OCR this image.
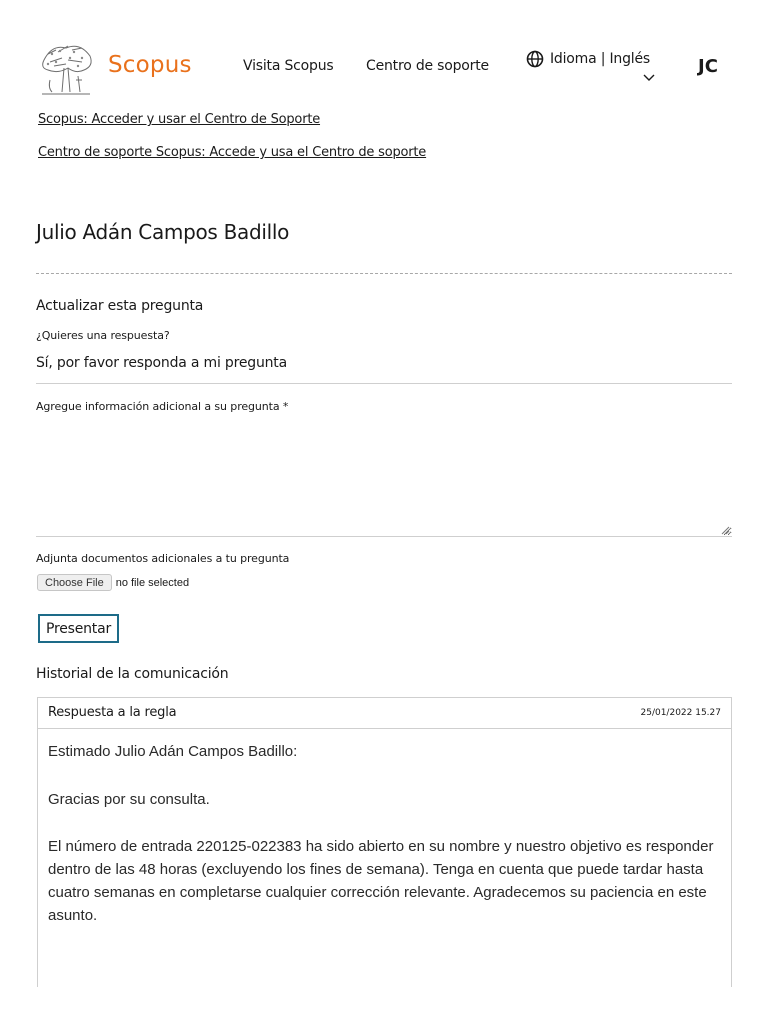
Scopus	Visita Scopus Centro de soporte	Idioma | Inglés	JC
Scopus: Acceder y usar el Centro de Soporte
Centro de soporte Scopus: Accede y usa el Centro de soporte
Julio Adán Campos Badillo
Actualizar esta pregunta
¿Quieres una respuesta?
Sí, por favor responda a mi pregunta
Agregue información adicional a su pregunta *
Adjunta documentos adicionales a tu pregunta
Choose File	no file selected
Presentar
Historial de la comunicación
Respuesta a la regla	25/01/2022 15.27
Estimado Julio Adán Campos Badillo:
Gracias por su consulta.
El número de entrada 220125-022383 ha sido abierto en su nombre y nuestro objetivo es responder dentro de las 48 horas (excluyendo los fines de semana). Tenga en cuenta que puede tardar hasta cuatro semanas en completarse cualquier corrección relevante. Agradecemos su paciencia en este asunto.
